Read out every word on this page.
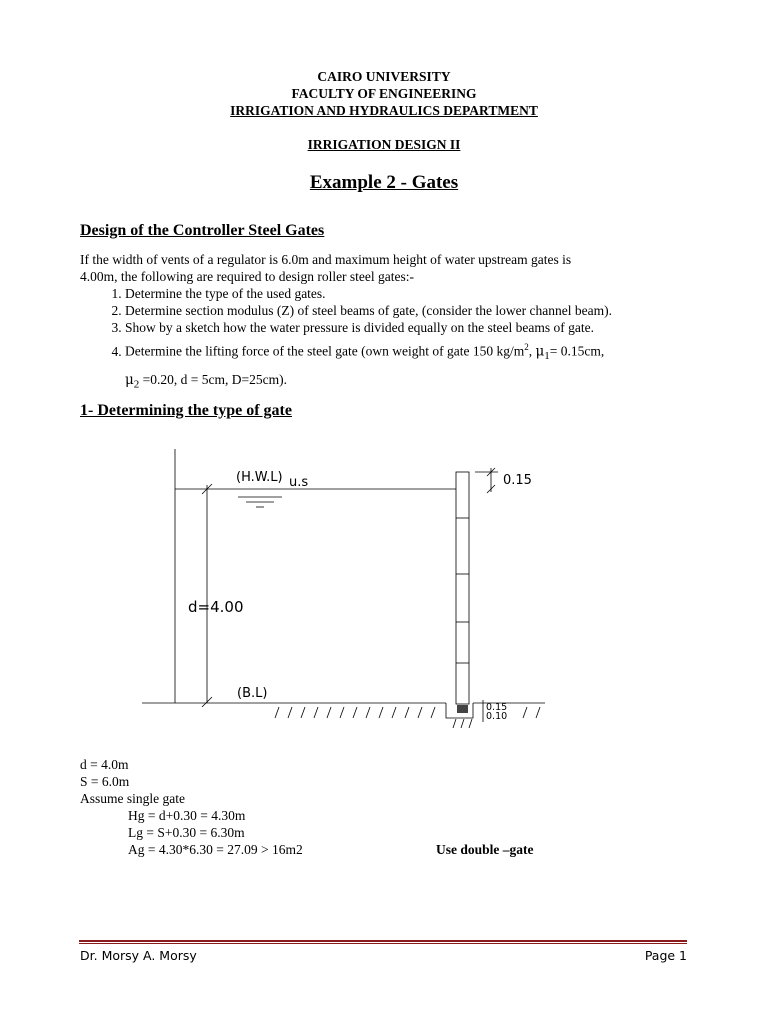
CAIRO UNIVERSITY
FACULTY OF ENGINEERING
IRRIGATION AND HYDRAULICS DEPARTMENT
IRRIGATION DESIGN II
Example 2 - Gates
Design of the Controller Steel Gates
If the width of vents of a regulator is 6.0m and maximum height of water upstream gates is
4.00m, the following are required to design roller steel gates:-
1. Determine the type of the used gates.
2. Determine section modulus (Z) of steel beams of gate, (consider the lower channel beam).
3. Show by a sketch how the water pressure is divided equally on the steel beams of gate.
4. Determine the lifting force of the steel gate (own weight of gate 150 $kg/m^2$, $\mu_1= 0.15cm$,
$\mu_2 =0.20$, d = 5cm, D=25cm).
1- Determining the type of gate
(H.W.L) u.s	0.15
d=4.00
(B.L)
0.15
0.10
d = 4.0m
S = 6.0m
Assume single gate
Hg = d+0.30 = 4.30m
Lg = S+0.30 = 6.30m
Ag = 4.30*6.30 = 27.09 > 16m2	Use double –gate
Dr. Morsy A. Morsy	Page 1
